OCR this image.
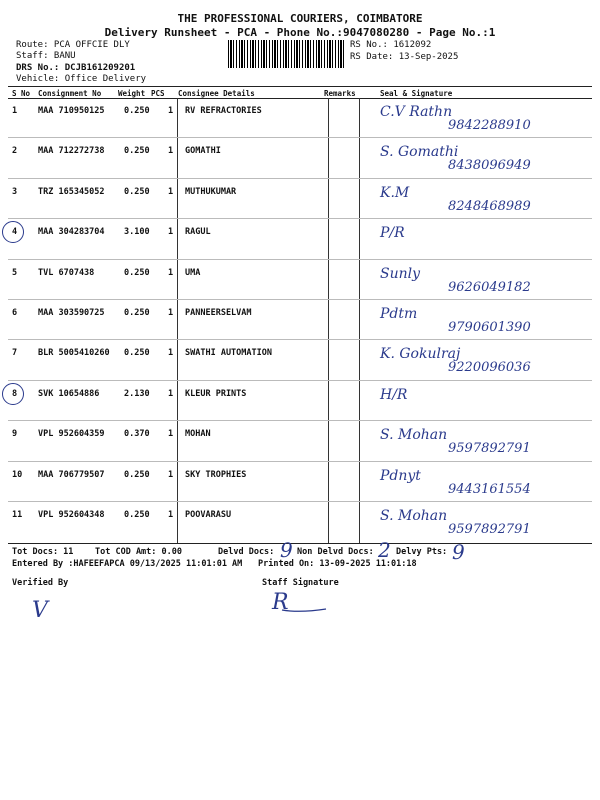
THE PROFESSIONAL COURIERS, COIMBATORE
Delivery Runsheet - PCA - Phone No.:9047080280 - Page No.:1
Route: PCA OFFCIE DLY
Staff: BANU
DRS No.: DCJB161209201
Vehicle: Office Delivery
RS No.: 1612092
RS Date: 13-Sep-2025
S No Consignment No Weight PCS Consignee Details	Remarks	Seal & Signature
1 MAA 710950125 0.250 1 RV REFRACTORIES	C.V Rathn
9842288910
2 MAA 712272738 0.250 1 GOMATHI	S. Gomathi
8438096949
3 TRZ 165345052 0.250 1 MUTHUKUMAR	K.M
8248468989
4 MAA 304283704 3.100 1 RAGUL	P/R
5 TVL 6707438	0.250 1 UMA	Sunly
9626049182
6 MAA 303590725 0.250 1 PANNEERSELVAM	Pdtm
9790601390
7 BLR 5005410260 0.250 1 SWATHI AUTOMATION	K. Gokulraj
9220096036
8 SVK 10654886	2.130 1 KLEUR PRINTS	H/R
9 VPL 952604359 0.370 1 MOHAN	S. Mohan
9597892791
10 MAA 706779507 0.250 1 SKY TROPHIES	Pdnyt
9443161554
11 VPL 952604348 0.250 1 POOVARASU	S. Mohan
9597892791
Tot Docs: 11	Tot COD Amt: 0.00	Delvd Docs: 9 Non Delvd Docs: 2 Delvy Pts: 9
Entered By :HAFEEFAPCA 09/13/2025 11:01:01 AM Printed On: 13-09-2025 11:01:18
Verified By	Staff Signature
V	R
